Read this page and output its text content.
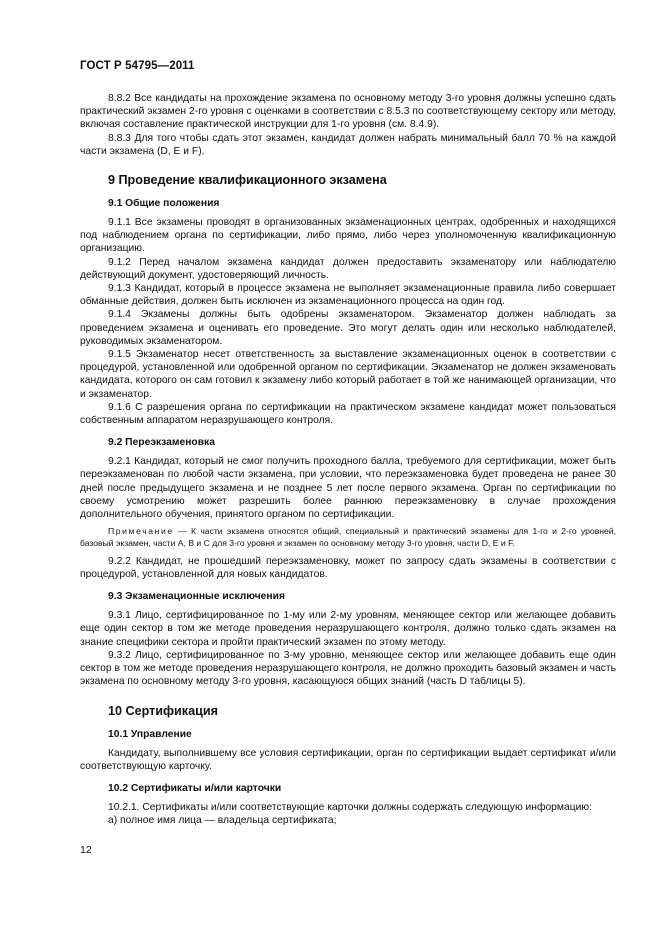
ГОСТ Р 54795—2011

8.8.2 Все кандидаты на прохождение экзамена по основному методу 3-го уровня должны успешно сдать практический экзамен 2-го уровня с оценками в соответствии с 8.5.3 по соответствующему сектору или методу, включая составление практической инструкции для 1-го уровня (см. 8.4.9).

8.8.3 Для того чтобы сдать этот экзамен, кандидат должен набрать минимальный балл 70 % на каждой части экзамена (D, E и F).

9 Проведение квалификационного экзамена
9.1 Общие положения

9.1.1 Все экзамены проводят в организованных экзаменационных центрах, одобренных и находящихся под наблюдением органа по сертификации, либо прямо, либо через уполномоченную квалификационную организацию.

9.1.2 Перед началом экзамена кандидат должен предоставить экзаменатору или наблюдателю действующий документ, удостоверяющий личность.

9.1.3 Кандидат, который в процессе экзамена не выполняет экзаменационные правила либо совершает обманные действия, должен быть исключен из экзаменационного процесса на один год.

9.1.4 Экзамены должны быть одобрены экзаменатором. Экзаменатор должен наблюдать за проведением экзамена и оценивать его проведение. Это могут делать один или несколько наблюдателей, руководимых экзаменатором.

9.1.5 Экзаменатор несет ответственность за выставление экзаменационных оценок в соответствии с процедурой, установленной или одобренной органом по сертификации. Экзаменатор не должен экзаменовать кандидата, которого он сам готовил к экзамену либо который работает в той же нанимающей организации, что и экзаменатор.

9.1.6 С разрешения органа по сертификации на практическом экзамене кандидат может пользоваться собственным аппаратом неразрушающего контроля.

9.2 Переэкзаменовка

9.2.1 Кандидат, который не смог получить проходного балла, требуемого для сертификации, может быть переэкзаменован по любой части экзамена, при условии, что переэкзаменовка будет проведена не ранее 30 дней после предыдущего экзамена и не позднее 5 лет после первого экзамена. Орган по сертификации по своему усмотрению может разрешить более раннюю переэкзаменовку в случае прохождения дополнительного обучения, принятого органом по сертификации.

Примечание — К части экзамена относятся общий, специальный и практический экзамены для 1-го и 2-го уровней, базовый экзамен, части A, B и C для 3-го уровня и экзамен по основному методу 3-го уровня, части D, E и F.

9.2.2 Кандидат, не прошедший переэкзаменовку, может по запросу сдать экзамены в соответствии с процедурой, установленной для новых кандидатов.

9.3 Экзаменационные исключения

9.3.1 Лицо, сертифицированное по 1-му или 2-му уровням, меняющее сектор или желающее добавить еще один сектор в том же методе проведения неразрушающего контроля, должно только сдать экзамен на знание специфики сектора и пройти практический экзамен по этому методу.

9.3.2 Лицо, сертифицированное по 3-му уровню, меняющее сектор или желающее добавить еще один сектор в том же методе проведения неразрушающего контроля, не должно проходить базовый экзамен и часть экзамена по основному методу 3-го уровня, касающуюся общих знаний (часть D таблицы 5).

10 Сертификация
10.1 Управление

Кандидату, выполнившему все условия сертификации, орган по сертификации выдает сертификат и/или соответствующую карточку.

10.2 Сертификаты и/или карточки

10.2.1. Сертификаты и/или соответствующие карточки должны содержать следующую информацию:

а) полное имя лица — владельца сертификата;

12
